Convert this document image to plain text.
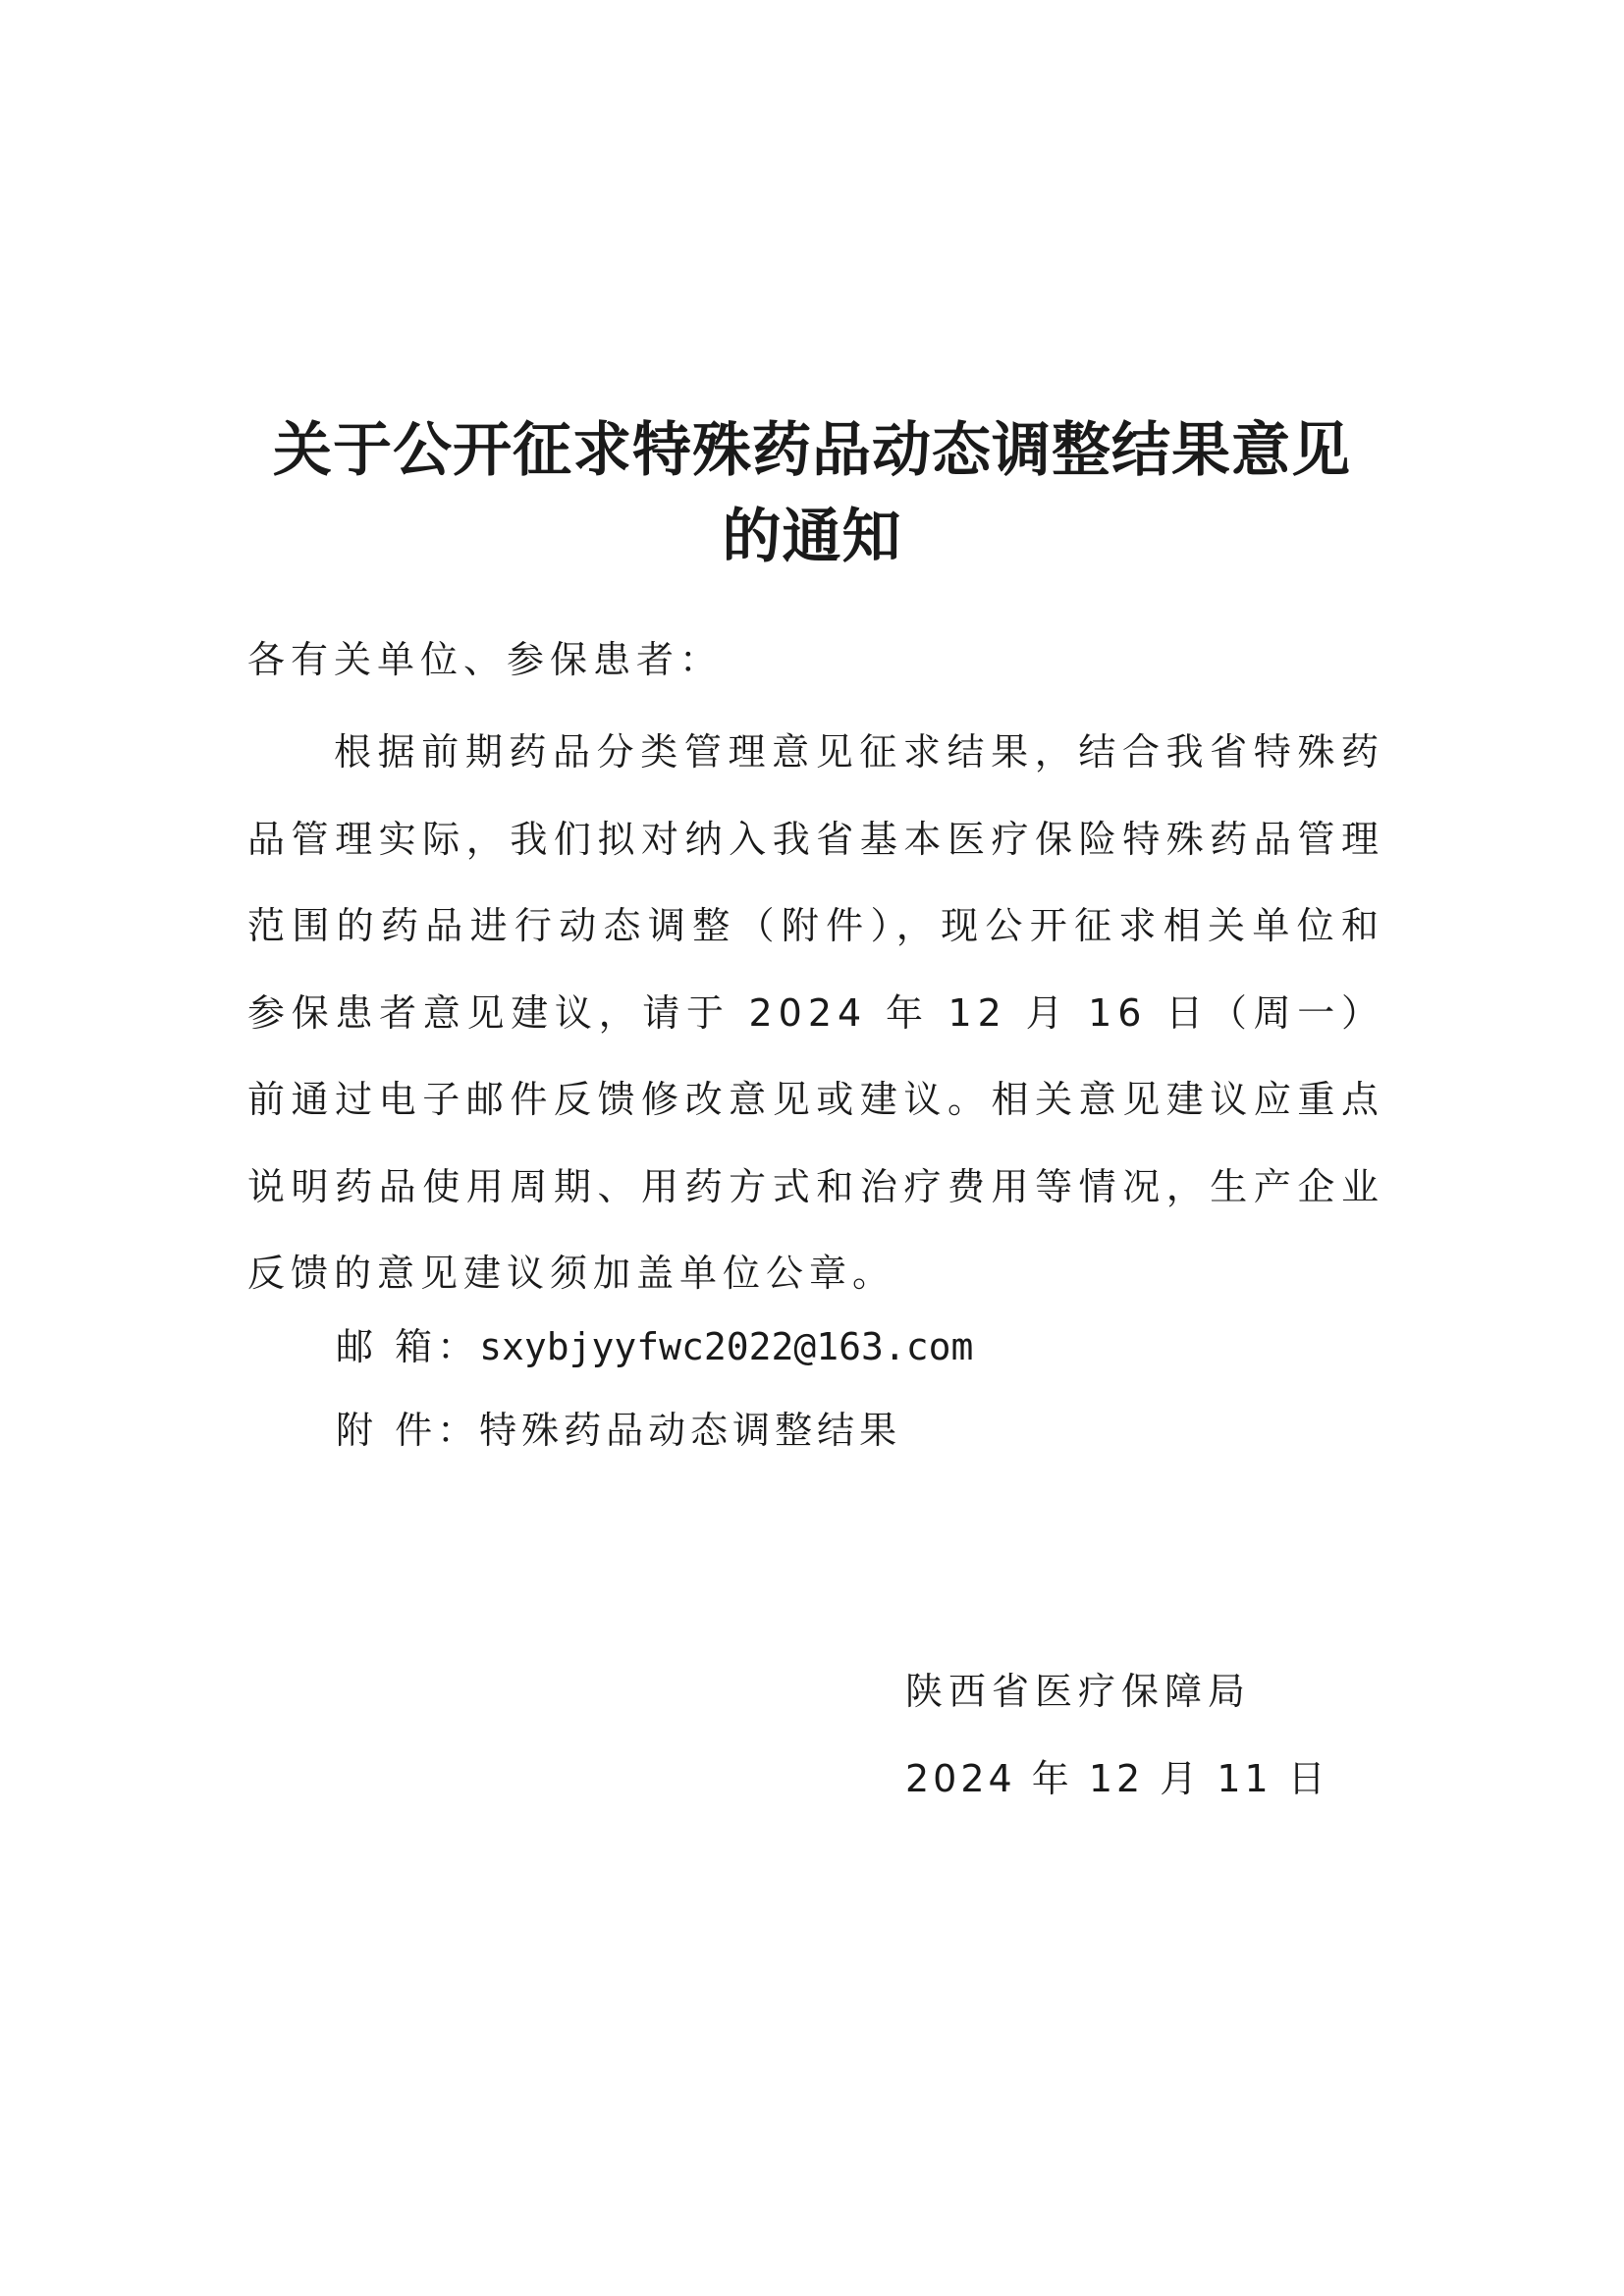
关于公开征求特殊药品动态调整结果意见
的通知

各有关单位、参保患者：

根据前期药品分类管理意见征求结果，结合我省特殊药品管理实际，我们拟对纳入我省基本医疗保险特殊药品管理范围的药品进行动态调整（附件），现公开征求相关单位和参保患者意见建议，请于 2024 年 12 月 16 日（周一）前通过电子邮件反馈修改意见或建议。相关意见建议应重点说明药品使用周期、用药方式和治疗费用等情况，生产企业反馈的意见建议须加盖单位公章。

邮 箱：sxybjyyfwc2022@163.com

附 件：特殊药品动态调整结果

陕西省医疗保障局

2024 年 12 月 11 日
